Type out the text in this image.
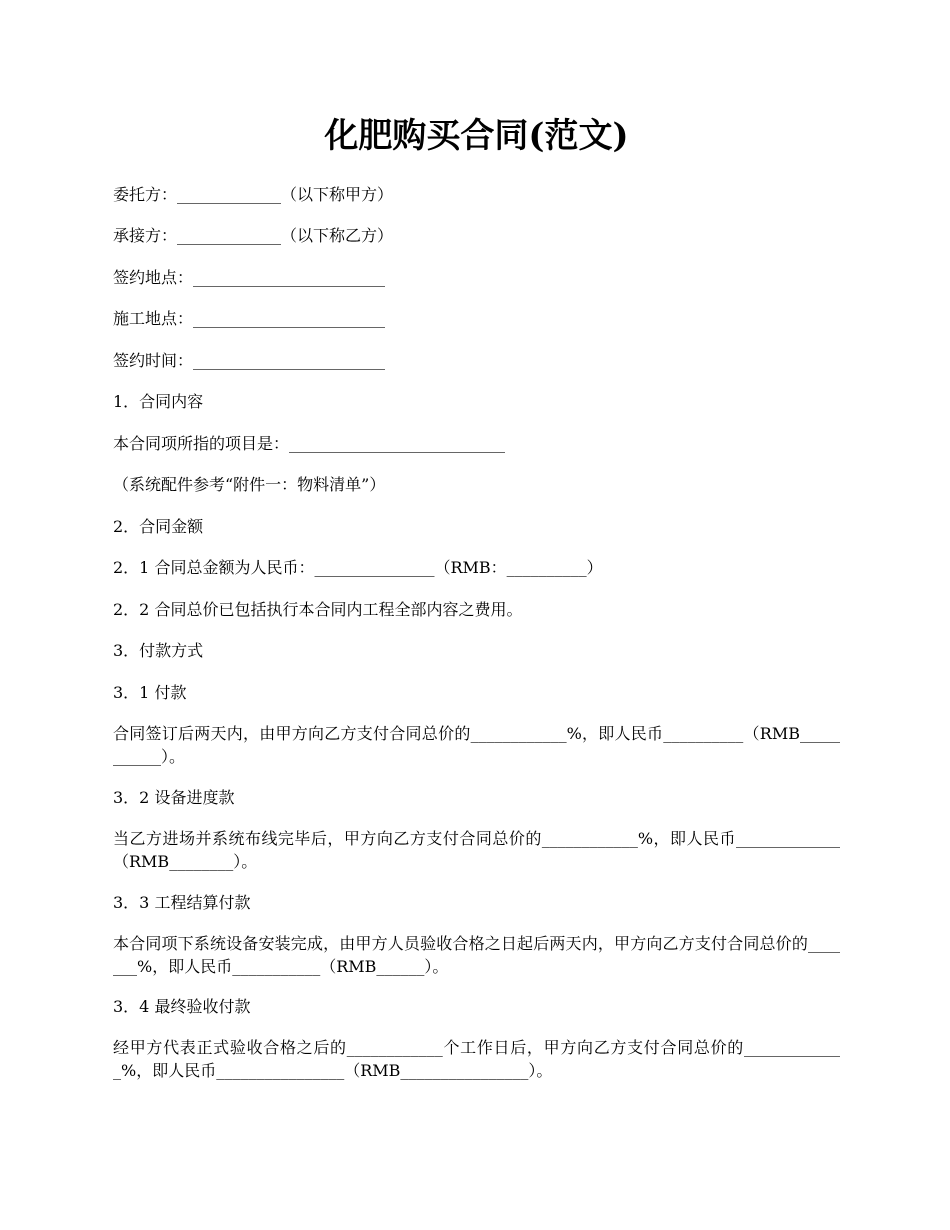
化肥购买合同(范文)

委托方：_____________（以下称甲方）

承接方：_____________（以下称乙方）

签约地点：________________________

施工地点：________________________

签约时间：________________________

1．合同内容

本合同项所指的项目是：___________________________

（系统配件参考“附件一：物料清单”）

2．合同金额

2．1 合同总金额为人民币：_______________（RMB：__________）

2．2 合同总价已包括执行本合同内工程全部内容之费用。

3．付款方式

3．1 付款

合同签订后两天内，由甲方向乙方支付合同总价的____________%，即人民币__________（RMB___________）。

3．2 设备进度款

当乙方进场并系统布线完毕后，甲方向乙方支付合同总价的____________%，即人民币_____________（RMB________）。

3．3 工程结算付款

本合同项下系统设备安装完成，由甲方人员验收合格之日起后两天内，甲方向乙方支付合同总价的_______%，即人民币___________（RMB______）。

3．4 最终验收付款

经甲方代表正式验收合格之后的____________个工作日后，甲方向乙方支付合同总价的_____________%，即人民币________________（RMB________________）。
